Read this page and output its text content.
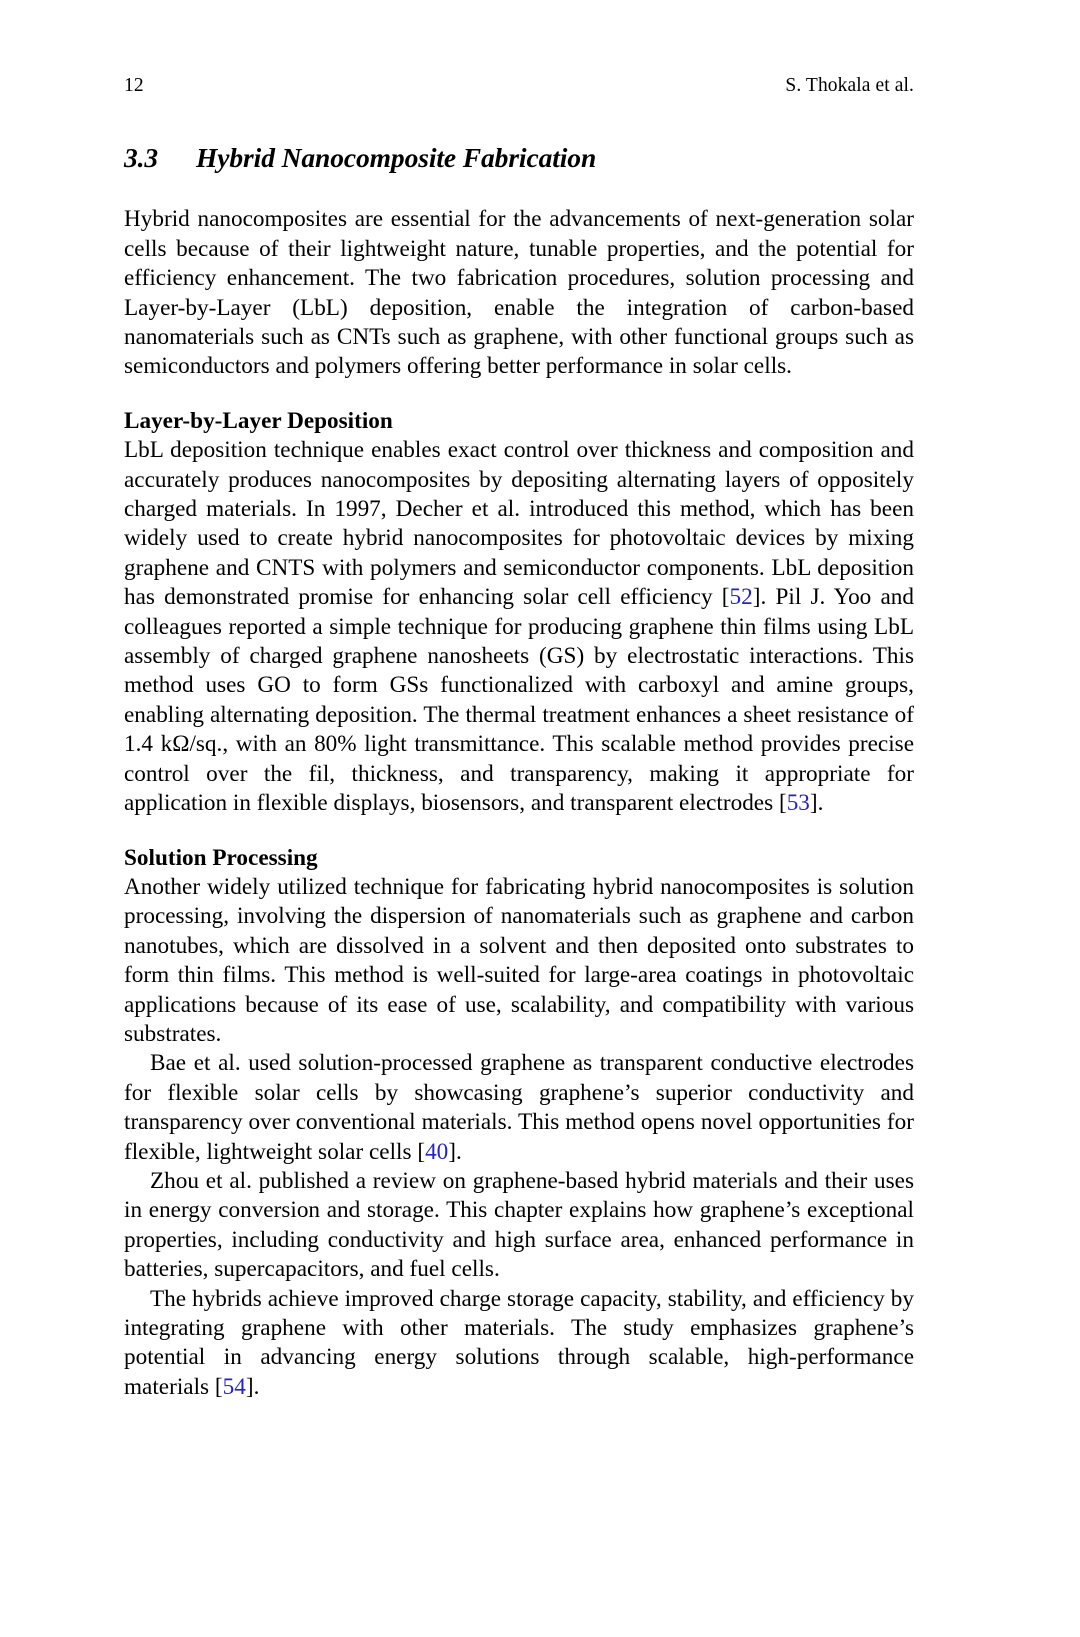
12	S. Thokala et al.
3.3	Hybrid Nanocomposite Fabrication

Hybrid nanocomposites are essential for the advancements of next-generation solar cells because of their lightweight nature, tunable properties, and the potential for efficiency enhancement. The two fabrication procedures, solution processing and Layer-by-Layer (LbL) deposition, enable the integration of carbon-based nanomaterials such as CNTs such as graphene, with other functional groups such as semiconductors and polymers offering better performance in solar cells.

Layer-by-Layer Deposition

LbL deposition technique enables exact control over thickness and composition and accurately produces nanocomposites by depositing alternating layers of oppositely charged materials. In 1997, Decher et al. introduced this method, which has been widely used to create hybrid nanocomposites for photovoltaic devices by mixing graphene and CNTS with polymers and semiconductor components. LbL deposition has demonstrated promise for enhancing solar cell efficiency [52]. Pil J. Yoo and colleagues reported a simple technique for producing graphene thin films using LbL assembly of charged graphene nanosheets (GS) by electrostatic interactions. This method uses GO to form GSs functionalized with carboxyl and amine groups, enabling alternating deposition. The thermal treatment enhances a sheet resistance of 1.4 kΩ/sq., with an 80% light transmittance. This scalable method provides precise control over the fil, thickness, and transparency, making it appropriate for application in flexible displays, biosensors, and transparent electrodes [53].

Solution Processing

Another widely utilized technique for fabricating hybrid nanocomposites is solution processing, involving the dispersion of nanomaterials such as graphene and carbon nanotubes, which are dissolved in a solvent and then deposited onto substrates to form thin films. This method is well-suited for large-area coatings in photovoltaic applications because of its ease of use, scalability, and compatibility with various substrates.

Bae et al. used solution-processed graphene as transparent conductive electrodes for flexible solar cells by showcasing graphene’s superior conductivity and transparency over conventional materials. This method opens novel opportunities for flexible, lightweight solar cells [40].

Zhou et al. published a review on graphene-based hybrid materials and their uses in energy conversion and storage. This chapter explains how graphene’s exceptional properties, including conductivity and high surface area, enhanced performance in batteries, supercapacitors, and fuel cells.

The hybrids achieve improved charge storage capacity, stability, and efficiency by integrating graphene with other materials. The study emphasizes graphene’s potential in advancing energy solutions through scalable, high-performance materials [54].
